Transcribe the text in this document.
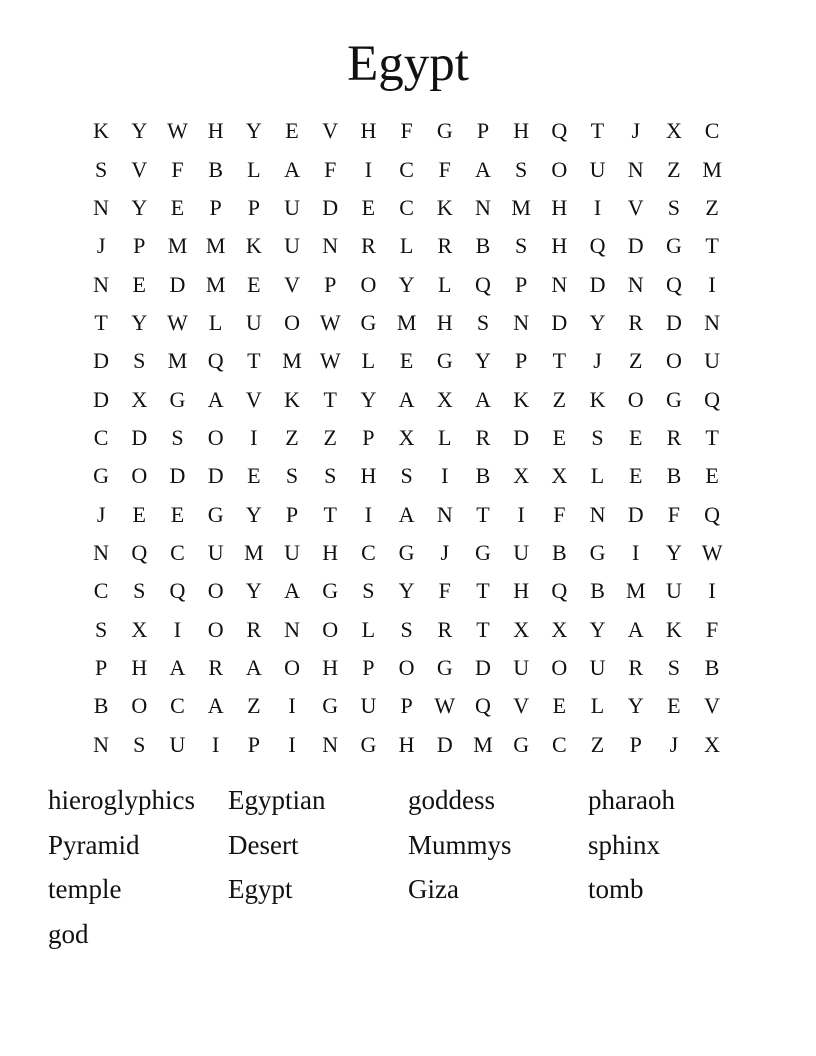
Egypt
K	Y W H	Y	E	V	H	F	G	P	H	Q	T	J	X	C
S	V	F	B	L	A	F	I	C	F	A	S	O	U	N	Z M
N	Y	E	P	P	U	D	E	C	K	N M H	I	V	S	Z
J	P	M M K	U	N	R	L	R	B	S	H	Q	D	G	T
N	E	D M E	V	P	O	Y	L	Q	P	N	D	N	Q	I
T	Y W L	U	O W G M H	S	N	D	Y	R	D	N
D	S	M Q	T M W L	E	G	Y	P	T	J	Z	O	U
D	X	G	A	V	K	T	Y	A	X	A	K	Z	K	O	G	Q
C	D	S	O	I	Z	Z	P	X	L	R	D	E	S	E	R	T
G	O	D	D	E	S	S	H	S	I	B	X	X	L	E	B	E
J	E	E	G	Y	P	T	I	A	N	T	I	F	N	D	F	Q
N	Q	C	U M U	H	C	G	J	G	U	B	G	I	Y W
C	S	Q	O	Y	A	G	S	Y	F	T	H	Q	B M U	I
S	X	I	O	R	N	O	L	S	R	T	X	X	Y	A	K	F
P	H	A	R	A	O	H	P	O	G	D	U	O	U	R	S	B
B	O	C	A	Z	I	G	U	P W Q	V	E	L	Y	E	V
N	S	U	I	P	I	N	G	H	D M G	C	Z	P	J	X
hieroglyphics	Egyptian	goddess	pharaoh
Pyramid	Desert	Mummys	sphinx
temple	Egypt	Giza	tomb
god
